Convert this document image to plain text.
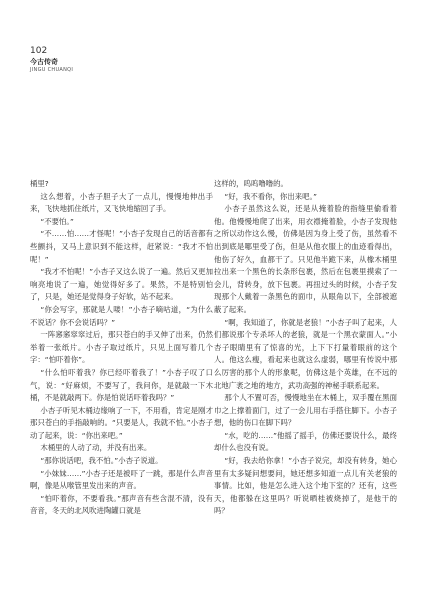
102
今古传奇
JINGU CHUANQI

桶里?

这么想着，小杏子胆子大了一点儿，慢慢地伸出手来，飞快地抓住纸片，又飞快地缩回了手。

“不要怕。”

“不……怕……才怪呢！”小杏子发现自己的话音都有些颤抖，又马上意识到不能这样，赶紧说：“我才不怕呢！”

“我才不怕呢！”小杏子又这么说了一遍。然后又更加响亮地说了一遍，她觉得好多了。果然，不是特别怕了，只是，她还是觉得身子好软，站不起来。

“你会写字，那就是人喽！”小杏子嘀咕道，“为什么不说话？你不会说话吗？”

一阵窸窸窣窣过后，那只苍白的手又伸了出来，仍然举着一张纸片。小杏子取过纸片，只见上面写着几个字：“怕吓着你”。

“什么怕吓着我？你已经吓着我了！”小杏子叹了口气，说：“好麻烦，不要写了，我问你，是就敲一下木桶，不是就敲两下。你是怕说话吓着我吗？”

小杏子听见木桶边缘响了一下，不用看，肯定是刚才那只苍白的手指敲响的。“只要是人，我就不怕。”小杏子动了起来，说：“你出来吧。”

木桶里的人动了动，并没有出来。

“那你说话吧，我不怕。”小杏子说道。

“小妹妹……”小杏子还是被吓了一跳，那是什么声音啊，像是从喉管里发出来的声音。

“怕吓着你，不要看我。”那声音有些含混不清，没有音音，冬天的北风吹进陶罐口就是

这样的，呜呜噜噜的。

“好，我不看你，你出来吧。”

小杏子虽然这么说，还是从掩着脸的指缝里偷看着他。他慢慢地爬了出来，用衣襟掩着脸，小杏子发现他之所以动作这么慢，仿佛是因为身上受了伤，虽然看不出到底是哪里受了伤，但是从他衣服上的血迹看得出，他伤了好久，血都干了。只见他半跪下来，从橡木桶里拉出来一个黑色的长条形包裹，然后在包裹里摸索了一会儿，背转身，放下包裹。再扭过头的时候，小杏子发现那个人戴着一条黑色的面巾，从眼角以下，全部被遮蔽了起来。

“啊，我知道了，你就是老狼！”小杏子叫了起来，人们都说那个专杀坏人的老狼，就是一个黑衣蒙面人。”小杏子眼睛里有了惊喜的光，上下下打量着眼前的这个人。他这么瘦，看起来也就这么虚弱，哪里有传说中那么厉害的那个人的形象呢，仿佛这是个英雄，在不远的北地广袤之地的地方，武功高强的神秘手联系起来。

那个人不置可否，慢慢地坐在木桶上，双手覆在黑面巾之上撑着面门，过了一会儿用右手搭住脚下。小杏子想，他的伤口在脚下吗？

“水，吃的……”他摇了摇手，仿佛还要说什么，最终却什么也没有说。

“好，我去给你拿！”小杏子说完，却没有转身，她心里有太多疑问想要问，她还想多知道一点儿有关老狼的事情。比如，他是怎么进入这个地下室的？还有，这些天，他都躲在这里吗？听说晒桂被烧掉了，是他干的吗？
